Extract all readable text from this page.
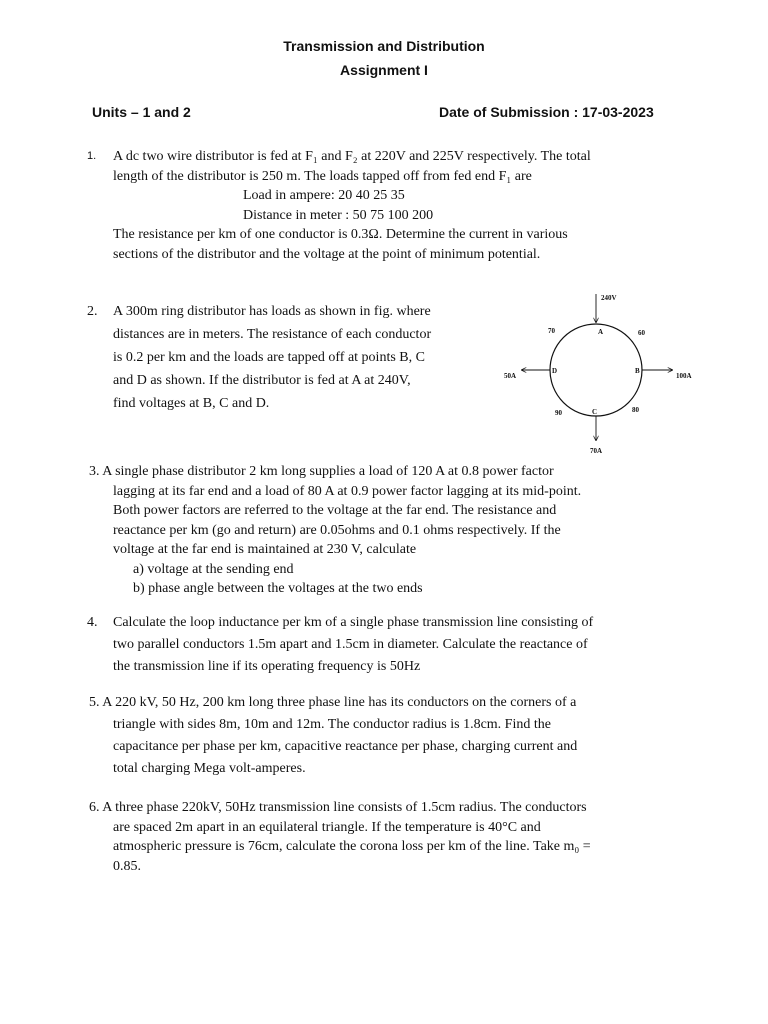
Transmission and Distribution
Assignment I
Units – 1 and 2	Date of Submission : 17-03-2023
1. A dc two wire distributor is fed at F₁ and F₂ at 220V and 225V respectively. The total
length of the distributor is 250 m. The loads tapped off from fed end F₁ are
Load in ampere: 20 40 25 35
Distance in meter : 50 75 100 200
The resistance per km of one conductor is 0.3Ω. Determine the current in various
sections of the distributor and the voltage at the point of minimum potential.
2. A 300m ring distributor has loads as shown in fig. where
distances are in meters. The resistance of each conductor
is 0.2 per km and the loads are tapped off at points B, C
and D as shown. If the distributor is fed at A at 240V,
find voltages at B, C and D.
240V
A
70	60
B
100A
D
50A
C
70A
90	80
3. A single phase distributor 2 km long supplies a load of 120 A at 0.8 power factor
lagging at its far end and a load of 80 A at 0.9 power factor lagging at its mid-point.
Both power factors are referred to the voltage at the far end. The resistance and
reactance per km (go and return) are 0.05ohms and 0.1 ohms respectively. If the
voltage at the far end is maintained at 230 V, calculate
a) voltage at the sending end
b) phase angle between the voltages at the two ends
4. Calculate the loop inductance per km of a single phase transmission line consisting of
two parallel conductors 1.5m apart and 1.5cm in diameter. Calculate the reactance of
the transmission line if its operating frequency is 50Hz
5. A 220 kV, 50 Hz, 200 km long three phase line has its conductors on the corners of a
triangle with sides 8m, 10m and 12m. The conductor radius is 1.8cm. Find the
capacitance per phase per km, capacitive reactance per phase, charging current and
total charging Mega volt-amperes.
6. A three phase 220kV, 50Hz transmission line consists of 1.5cm radius. The conductors
are spaced 2m apart in an equilateral triangle. If the temperature is 40°C and
atmospheric pressure is 76cm, calculate the corona loss per km of the line. Take m₀ =
0.85.
